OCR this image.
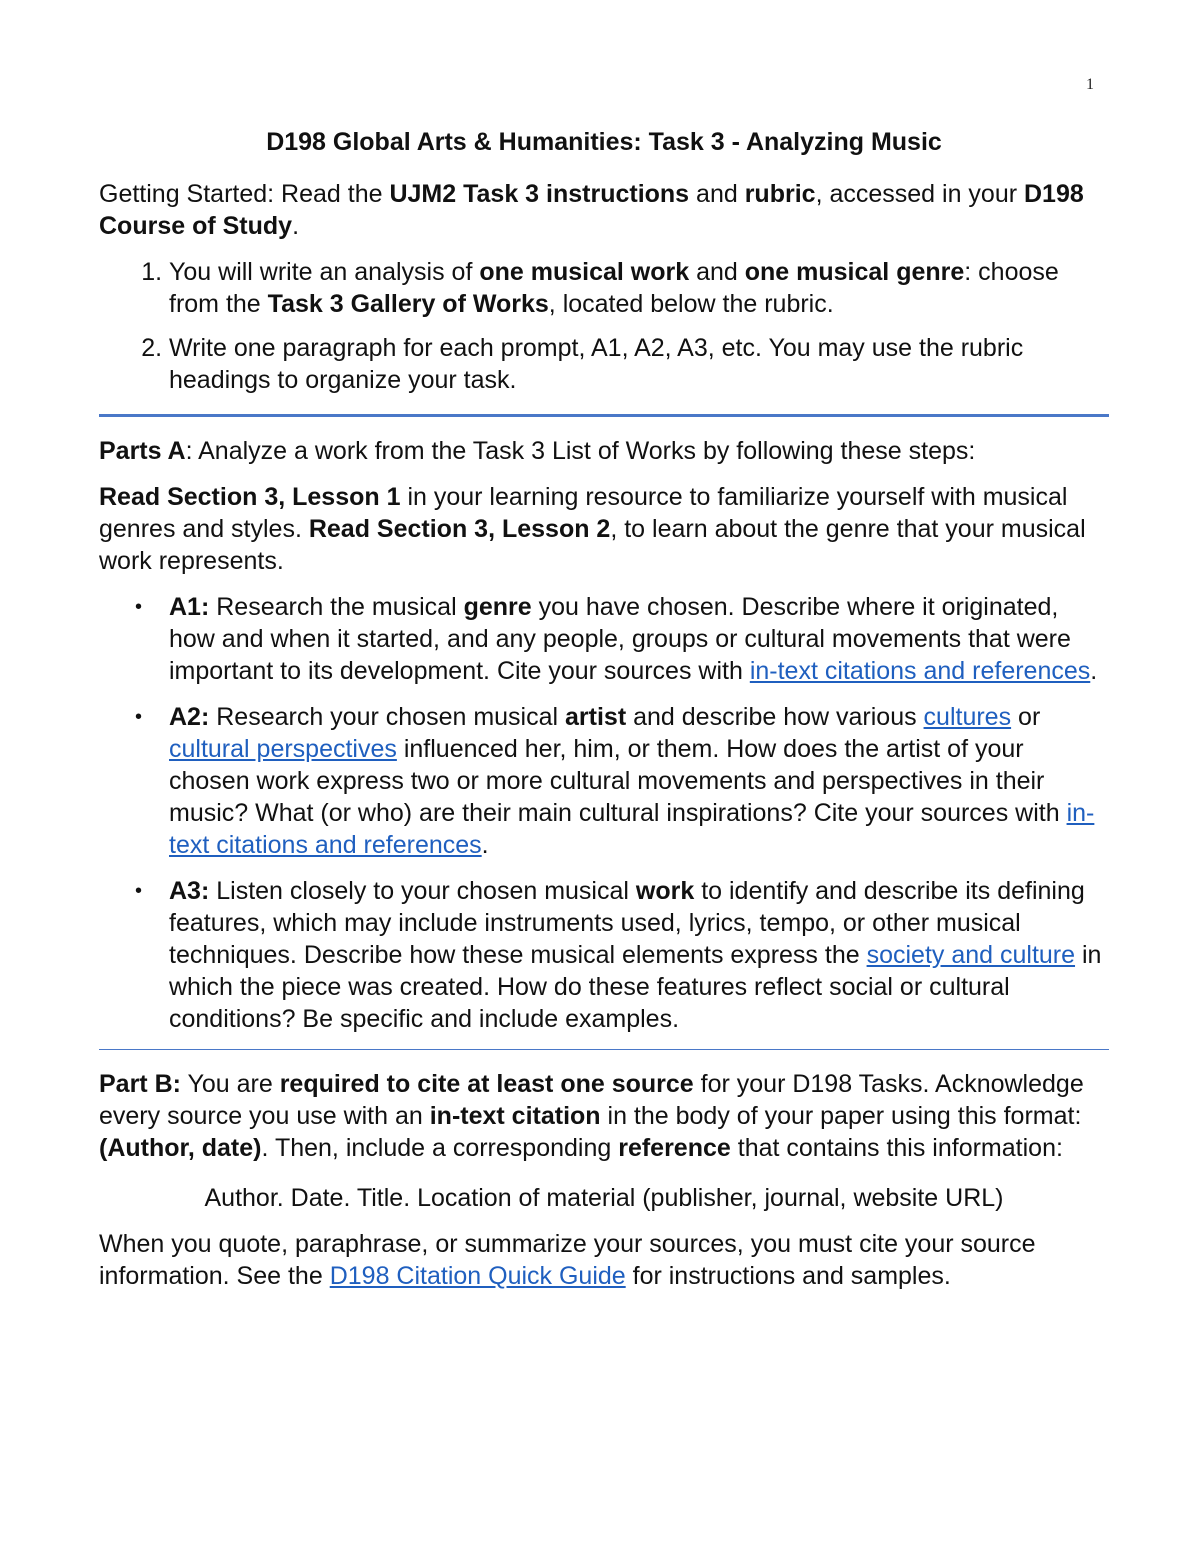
1
D198 Global Arts & Humanities: Task 3 - Analyzing Music

Getting Started: Read the UJM2 Task 3 instructions and rubric, accessed in your D198 Course of Study.

1. You will write an analysis of one musical work and one musical genre: choose from the Task 3 Gallery of Works, located below the rubric.
2. Write one paragraph for each prompt, A1, A2, A3, etc. You may use the rubric headings to organize your task.

Parts A: Analyze a work from the Task 3 List of Works by following these steps:

Read Section 3, Lesson 1 in your learning resource to familiarize yourself with musical genres and styles. Read Section 3, Lesson 2, to learn about the genre that your musical work represents.

• A1: Research the musical genre you have chosen. Describe where it originated, how and when it started, and any people, groups or cultural movements that were important to its development. Cite your sources with in-text citations and references.
• A2: Research your chosen musical artist and describe how various cultures or cultural perspectives influenced her, him, or them. How does the artist of your chosen work express two or more cultural movements and perspectives in their music? What (or who) are their main cultural inspirations? Cite your sources with in-text citations and references.
• A3: Listen closely to your chosen musical work to identify and describe its defining features, which may include instruments used, lyrics, tempo, or other musical techniques. Describe how these musical elements express the society and culture in which the piece was created. How do these features reflect social or cultural conditions? Be specific and include examples.

Part B: You are required to cite at least one source for your D198 Tasks. Acknowledge every source you use with an in-text citation in the body of your paper using this format: (Author, date). Then, include a corresponding reference that contains this information:

Author. Date. Title. Location of material (publisher, journal, website URL)

When you quote, paraphrase, or summarize your sources, you must cite your source information. See the D198 Citation Quick Guide for instructions and samples.
